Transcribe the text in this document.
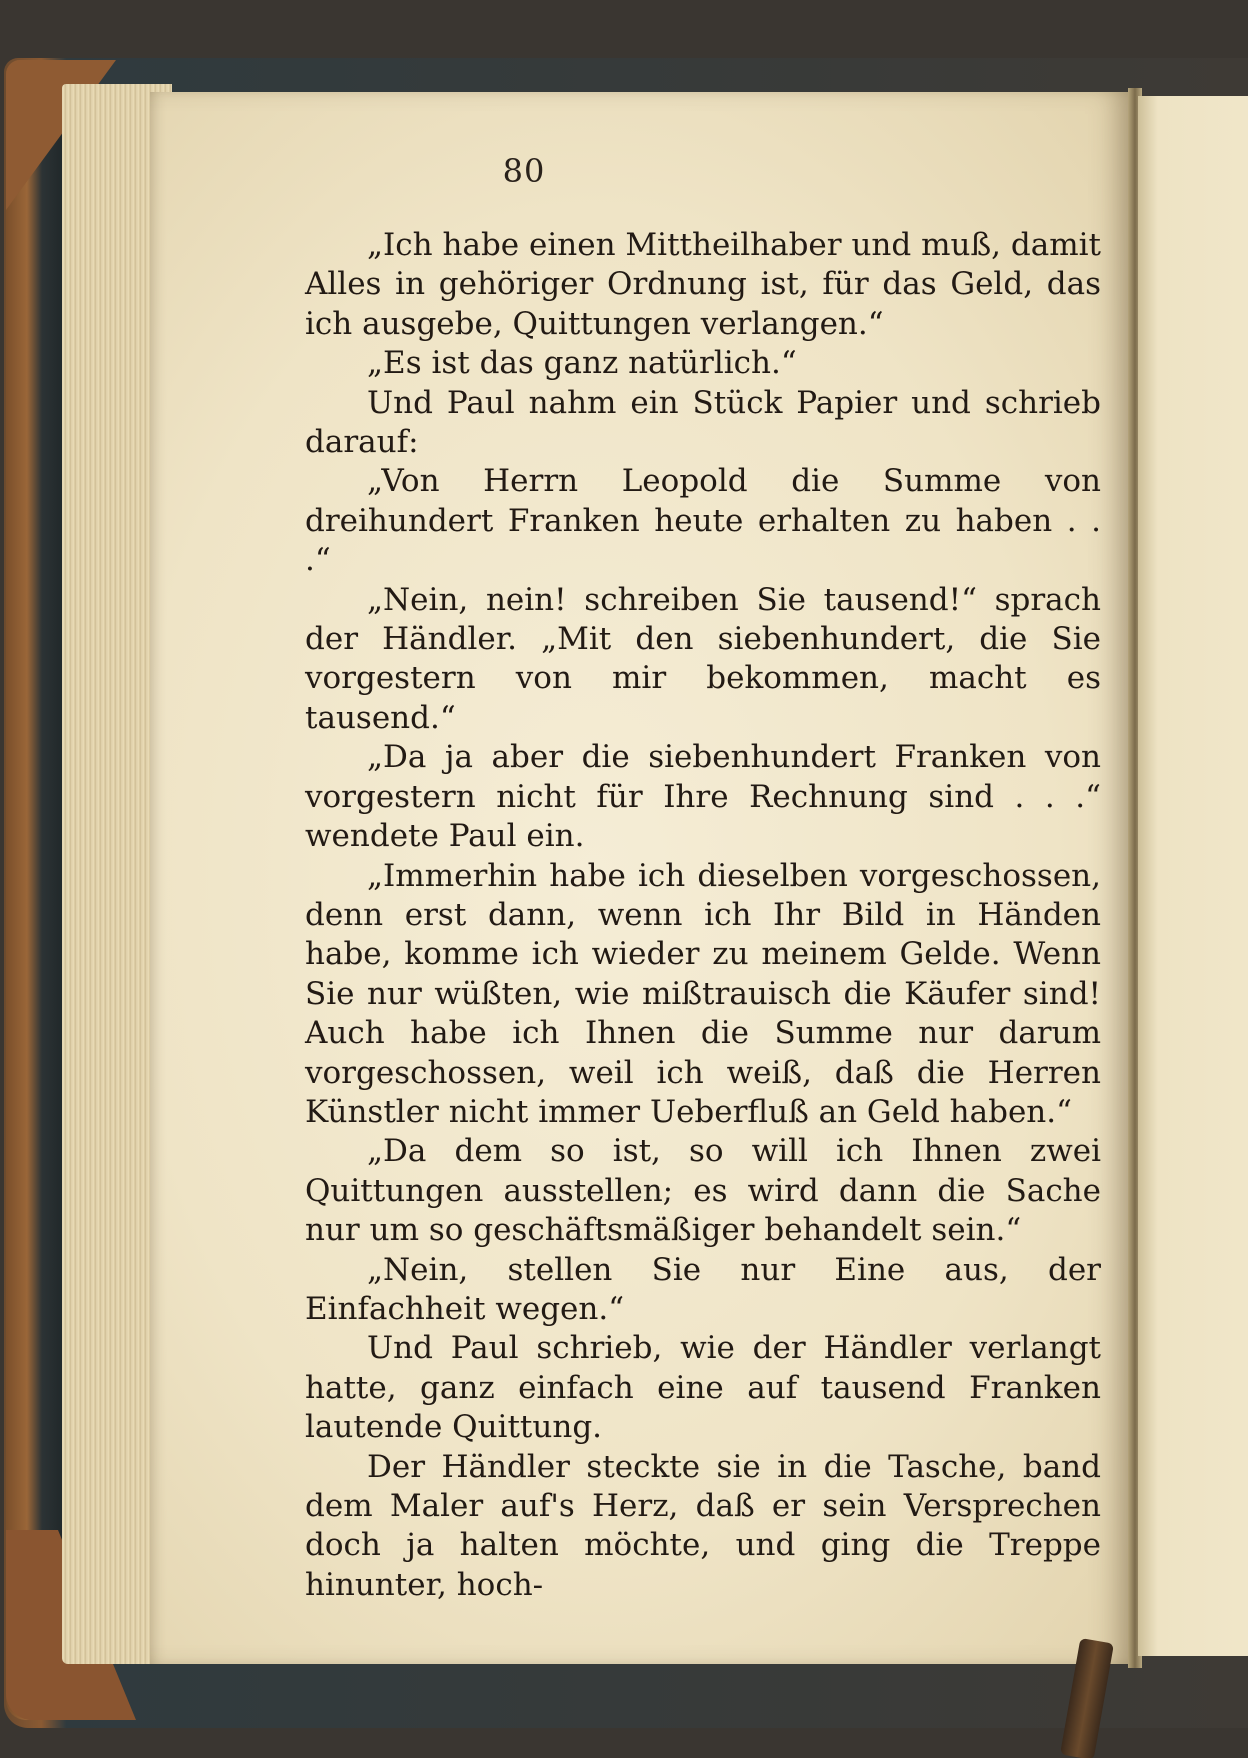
80

„Ich habe einen Mittheilhaber und muß, damit Alles in gehöriger Ordnung ist, für das Geld, das ich ausgebe, Quittungen verlangen.“

„Es ist das ganz natürlich.“

Und Paul nahm ein Stück Papier und schrieb darauf:

„Von Herrn Leopold die Summe von dreihundert Franken heute erhalten zu haben . . .“

„Nein, nein! schreiben Sie tausend!“ sprach der Händler. „Mit den siebenhundert, die Sie vorgestern von mir bekommen, macht es tausend.“

„Da ja aber die siebenhundert Franken von vorgestern nicht für Ihre Rechnung sind . . .“ wendete Paul ein.

„Immerhin habe ich dieselben vorgeschossen, denn erst dann, wenn ich Ihr Bild in Händen habe, komme ich wieder zu meinem Gelde. Wenn Sie nur wüßten, wie mißtrauisch die Käufer sind! Auch habe ich Ihnen die Summe nur darum vorgeschossen, weil ich weiß, daß die Herren Künstler nicht immer Ueberfluß an Geld haben.“

„Da dem so ist, so will ich Ihnen zwei Quittungen ausstellen; es wird dann die Sache nur um so geschäftsmäßiger behandelt sein.“

„Nein, stellen Sie nur Eine aus, der Einfachheit wegen.“

Und Paul schrieb, wie der Händler verlangt hatte, ganz einfach eine auf tausend Franken lautende Quittung.

Der Händler steckte sie in die Tasche, band dem Maler auf's Herz, daß er sein Versprechen doch ja halten möchte, und ging die Treppe hinunter, hoch-
